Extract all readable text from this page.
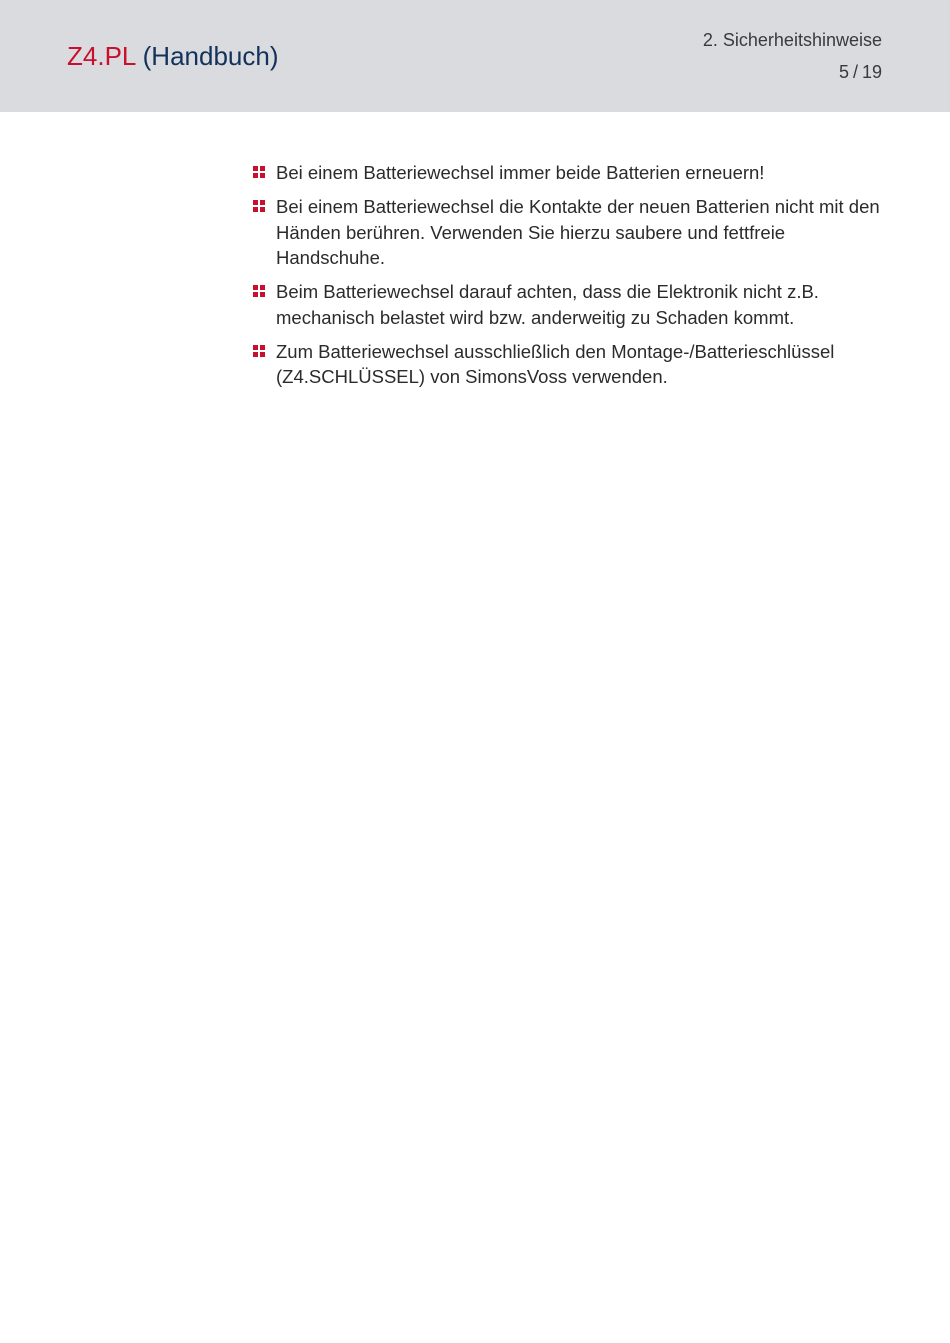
Z4.PL (Handbuch)
2. Sicherheitshinweise
5 / 19
Bei einem Batteriewechsel immer beide Batterien erneuern!
Bei einem Batteriewechsel die Kontakte der neuen Batterien nicht mit den Händen berühren. Verwenden Sie hierzu saubere und fettfreie Handschuhe.
Beim Batteriewechsel darauf achten, dass die Elektronik nicht z.B. mechanisch belastet wird bzw. anderweitig zu Schaden kommt.
Zum Batteriewechsel ausschließlich den Montage-/Batterieschlüssel (Z4.SCHLÜSSEL) von SimonsVoss verwenden.
